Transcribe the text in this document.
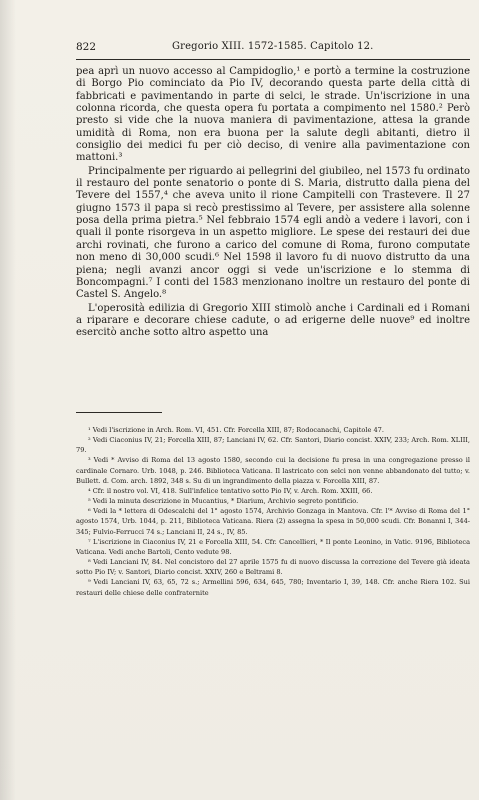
822	Gregorio XIII. 1572-1585. Capitolo 12.

pea aprì un nuovo accesso al Campidoglio,¹ e portò a termine la costruzione di Borgo Pio cominciato da Pio IV, decorando questa parte della città di fabbricati e pavimentando in parte di selci, le strade. Un'iscrizione in una colonna ricorda, che questa opera fu portata a compimento nel 1580.² Però presto si vide che la nuova maniera di pavimentazione, attesa la grande umidità di Roma, non era buona per la salute degli abitanti, dietro il consiglio dei medici fu per ciò deciso, di venire alla pavimentazione con mattoni.³

Principalmente per riguardo ai pellegrini del giubileo, nel 1573 fu ordinato il restauro del ponte senatorio o ponte di S. Maria, distrutto dalla piena del Tevere del 1557,⁴ che aveva unito il rione Campitelli con Trastevere. Il 27 giugno 1573 il papa si recò prestissimo al Tevere, per assistere alla solenne posa della prima pietra.⁵ Nel febbraio 1574 egli andò a vedere i lavori, con i quali il ponte risorgeva in un aspetto migliore. Le spese dei restauri dei due archi rovinati, che furono a carico del comune di Roma, furono computate non meno di 30,000 scudi.⁶ Nel 1598 il lavoro fu di nuovo distrutto da una piena; negli avanzi ancor oggi si vede un'iscrizione e lo stemma di Boncompagni.⁷ I conti del 1583 menzionano inoltre un restauro del ponte di Castel S. Angelo.⁸

L'operosità edilizia di Gregorio XIII stimolò anche i Cardinali ed i Romani a riparare e decorare chiese cadute, o ad erigerne delle nuove⁹ ed inoltre esercitò anche sotto altro aspetto una

¹ Vedi l'iscrizione in Arch. Rom. VI, 451. Cfr. Forcella XIII, 87; Rodocanachi, Capitole 47.

² Vedi Ciaconius IV, 21; Forcella XIII, 87; Lanciani IV, 62. Cfr. Santori, Diario concist. XXIV, 233; Arch. Rom. XLIII, 79.

³ Vedi * Avviso di Roma del 13 agosto 1580, secondo cui la decisione fu presa in una congregazione presso il cardinale Cornaro. Urb. 1048, p. 246. Biblioteca Vaticana. Il lastricato con selci non venne abbandonato del tutto; v. Bullett. d. Com. arch. 1892, 348 s. Su di un ingrandimento della piazza v. Forcella XIII, 87.

⁴ Cfr. il nostro vol. VI, 418. Sull'infelice tentativo sotto Pio IV, v. Arch. Rom. XXIII, 66.

⁵ Vedi la minuta descrizione in Mucantius, * Diarium, Archivio segreto pontificio.

⁶ Vedi la * lettera di Odescalchi del 1° agosto 1574, Archivio Gonzaga in Mantova. Cfr. l'* Avviso di Roma del 1° agosto 1574, Urb. 1044, p. 211, Biblioteca Vaticana. Riera (2) assegna la spesa in 50,000 scudi. Cfr. Bonanni I, 344-345; Fulvio-Ferrucci 74 s.; Lanciani II, 24 s., IV, 85.

⁷ L'iscrizione in Ciaconius IV, 21 e Forcella XIII, 54. Cfr. Cancellieri, * Il ponte Leonino, in Vatic. 9196, Biblioteca Vaticana. Vedi anche Bartoli, Cento vedute 98.

⁸ Vedi Lanciani IV, 84. Nel concistoro del 27 aprile 1575 fu di nuovo discussa la correzione del Tevere già ideata sotto Pio IV; v. Santori, Diario concist. XXIV, 260 e Beltrami 8.

⁹ Vedi Lanciani IV, 63, 65, 72 s.; Armellini 596, 634, 645, 780; Inventario I, 39, 148. Cfr. anche Riera 102. Sui restauri delle chiese delle confraternite
